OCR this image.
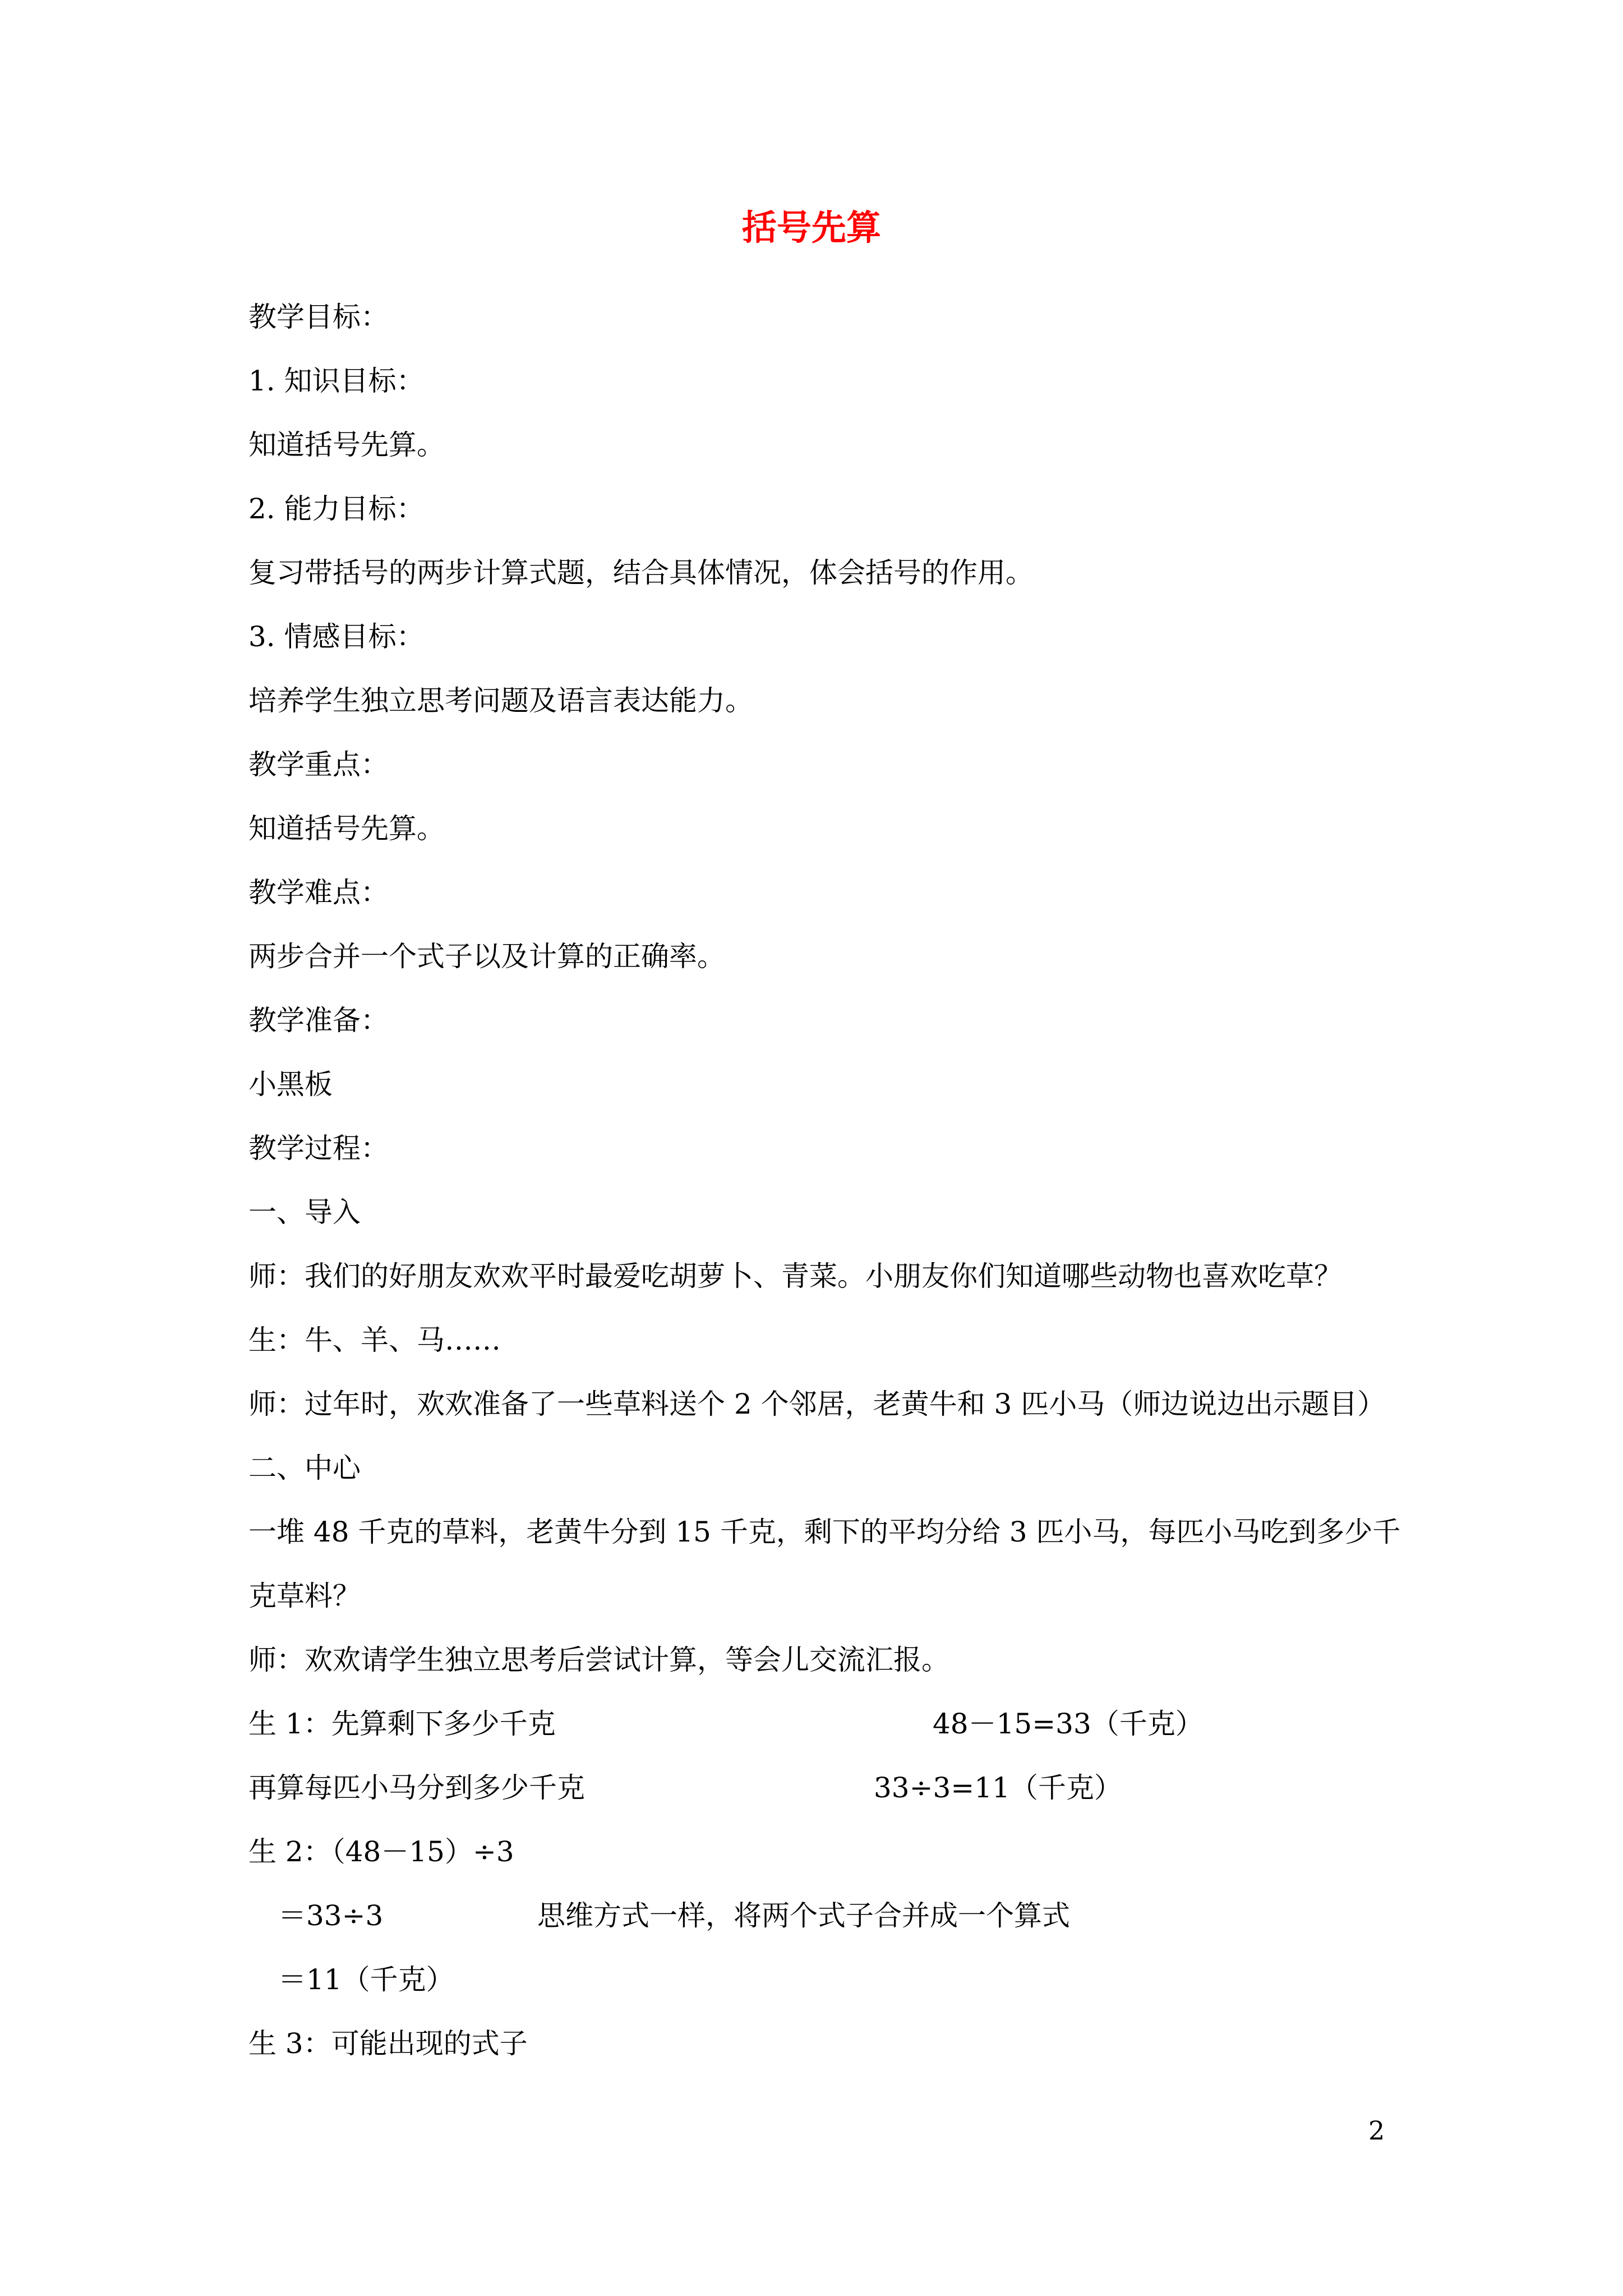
括号先算
教学目标：
1. 知识目标：
知道括号先算。
2. 能力目标：
复习带括号的两步计算式题，结合具体情况，体会括号的作用。
3. 情感目标：
培养学生独立思考问题及语言表达能力。
教学重点：
知道括号先算。
教学难点：
两步合并一个式子以及计算的正确率。
教学准备：
小黑板
教学过程：
一、导入
师：我们的好朋友欢欢平时最爱吃胡萝卜、青菜。小朋友你们知道哪些动物也喜欢吃草？
生：牛、羊、马……
师：过年时，欢欢准备了一些草料送个 2 个邻居，老黄牛和 3 匹小马（师边说边出示题目）
二、中心
一堆 48 千克的草料，老黄牛分到 15 千克，剩下的平均分给 3 匹小马，每匹小马吃到多少千
克草料？
师：欢欢请学生独立思考后尝试计算，等会儿交流汇报。
生 1：先算剩下多少千克	48－15=33（千克）
再算每匹小马分到多少千克	33÷3=11（千克）
生 2：（48－15）÷3
＝33÷3	思维方式一样，将两个式子合并成一个算式
＝11（千克）
生 3：可能出现的式子
2
